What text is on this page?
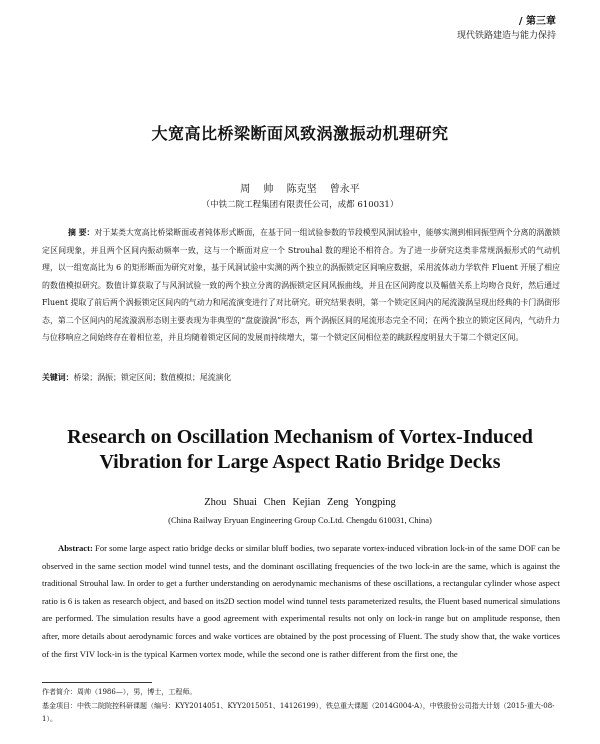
/ 第三章
现代铁路建造与能力保持
大宽高比桥梁断面风致涡激振动机理研究
周 帅 陈克坚 曾永平
（中铁二院工程集团有限责任公司，成都 610031）
摘 要：对于某类大宽高比桥梁断面或者钝体形式断面，在基于同一组试验参数的节段模型风洞试验中，能够实测到相同振型两个分离的涡激锁定区间现象，并且两个区间内振动频率一致，这与一个断面对应一个 Strouhal 数的理论不相符合。为了进一步研究这类非常规涡振形式的气动机理，以一组宽高比为 6 的矩形断面为研究对象，基于风洞试验中实测的两个独立的涡振锁定区间响应数据，采用流体动力学软件 Fluent 开展了相应的数值模拟研究。数值计算获取了与风洞试验一致的两个独立分离的涡振锁定区间风振曲线，并且在区间跨度以及幅值关系上均吻合良好，然后通过 Fluent 提取了前后两个涡振锁定区间内的气动力和尾流演变进行了对比研究。研究结果表明，第一个锁定区间内的尾流漩涡呈现出经典的卡门涡街形态，第二个区间内的尾流漩涡形态则主要表现为非典型的“盘旋漩涡”形态，两个涡振区间的尾流形态完全不同；在两个独立的锁定区间内，气动升力与位移响应之间始终存在着相位差，并且均随着锁定区间的发展而持续增大，第一个锁定区间相位差的跳跃程度明显大于第二个锁定区间。
关键词：桥梁；涡振；锁定区间；数值模拟；尾流演化
Research on Oscillation Mechanism of Vortex-Induced
Vibration for Large Aspect Ratio Bridge Decks
Zhou Shuai Chen Kejian Zeng Yongping
(China Railway Eryuan Engineering Group Co.Ltd. Chengdu 610031, China)
Abstract: For some large aspect ratio bridge decks or similar bluff bodies, two separate vortex-induced vibration lock-in of the same DOF can be observed in the same section model wind tunnel tests, and the dominant oscillating frequencies of the two lock-in are the same, which is against the traditional Strouhal law. In order to get a further understanding on aerodynamic mechanisms of these oscillations, a rectangular cylinder whose aspect ratio is 6 is taken as research object, and based on its2D section model wind tunnel tests parameterized results, the Fluent based numerical simulations are performed. The simulation results have a good agreement with experimental results not only on lock-in range but on amplitude response, then after, more details about aerodynamic forces and wake vortices are obtained by the post processing of Fluent. The study show that, the wake vortices of the first VIV lock-in is the typical Karmen vortex mode, while the second one is rather different from the first one, the

作者简介：周帅（1986—），男，博士，工程师。

基金项目：中铁二院院控科研课题（编号：KYY2014051、KYY2015051、14126199），铁总重大课题（2014G004-A），中铁股份公司指大计划（2015-重大-08-1）。
